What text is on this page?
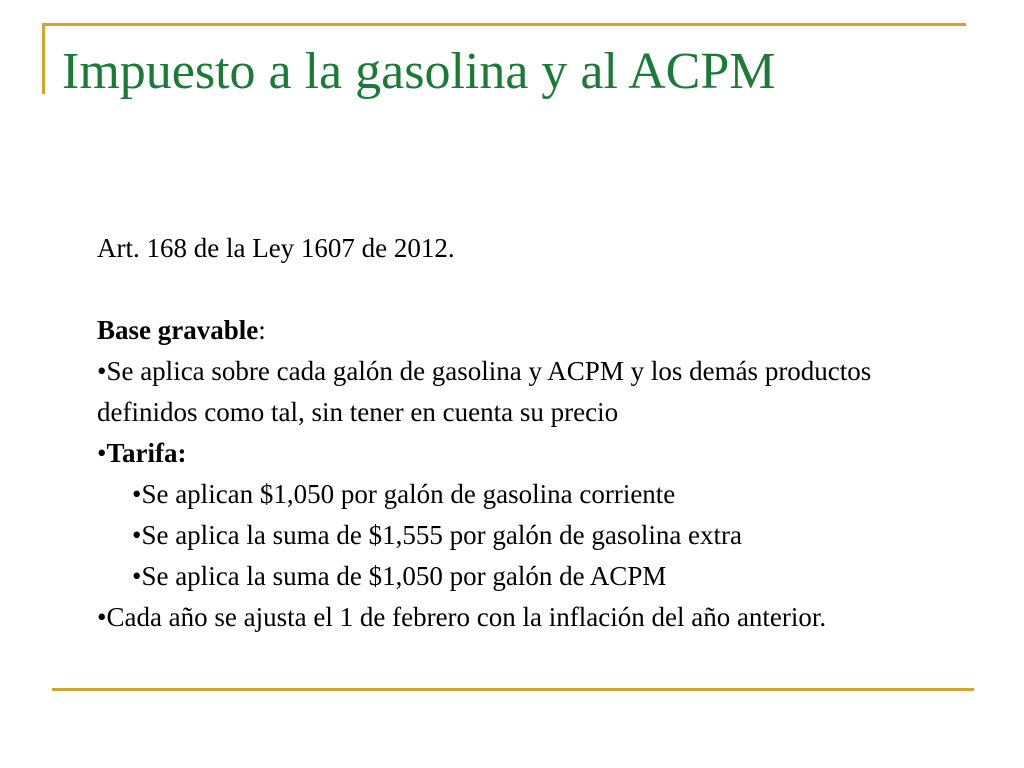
Impuesto a la gasolina y al ACPM

Art. 168 de la Ley 1607 de 2012.

Base gravable:

•Se aplica sobre cada galón de gasolina y ACPM y los demás productos definidos como tal, sin tener en cuenta su precio

•Tarifa:

•Se aplican $1,050 por galón de gasolina corriente

•Se aplica la suma de $1,555 por galón de gasolina extra

•Se aplica la suma de $1,050 por galón de ACPM

•Cada año se ajusta el 1 de febrero con la inflación del año anterior.
